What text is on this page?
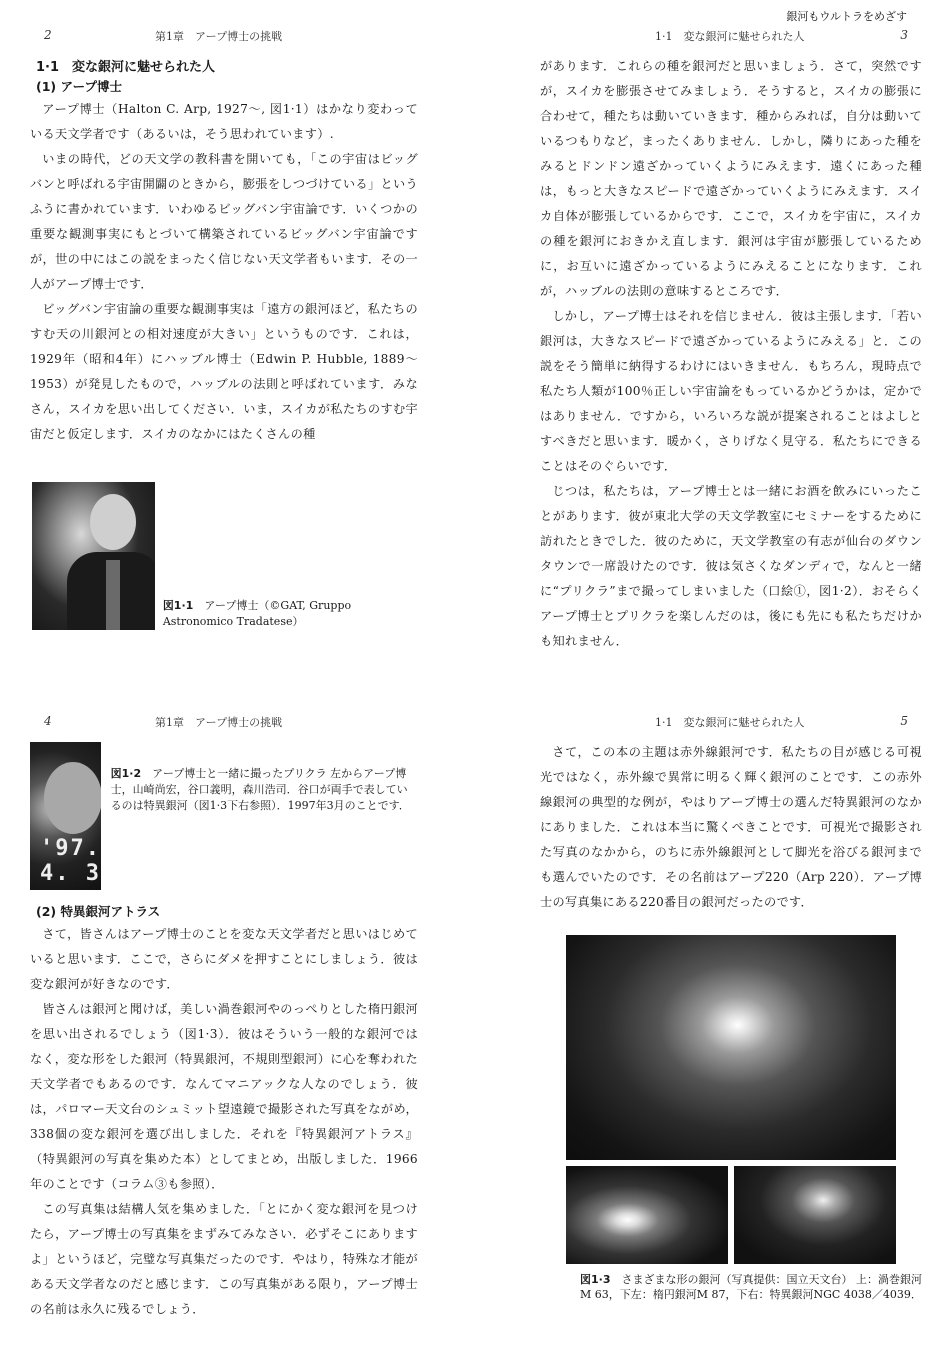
銀河もウルトラをめざす
2	第1章　アープ博士の挑戦
1·1　変な銀河に魅せられた人
(1) アープ博士

アープ博士（Halton C. Arp, 1927〜, 図1·1）はかなり変わっている天文学者です（あるいは，そう思われています）.

いまの時代，どの天文学の教科書を開いても，「この宇宙はビッグバンと呼ばれる宇宙開闢のときから，膨張をしつづけている」というふうに書かれています．いわゆるビッグバン宇宙論です．いくつかの重要な観測事実にもとづいて構築されているビッグバン宇宙論ですが，世の中にはこの説をまったく信じない天文学者もいます．その一人がアープ博士です．

ビッグバン宇宙論の重要な観測事実は「遠方の銀河ほど，私たちのすむ天の川銀河との相対速度が大きい」というものです．これは，1929年（昭和4年）にハッブル博士（Edwin P. Hubble, 1889〜1953）が発見したもので，ハッブルの法則と呼ばれています．みなさん，スイカを思い出してください．いま，スイカが私たちのすむ宇宙だと仮定します．スイカのなかにはたくさんの種

図1·1　 アープ博士（©GAT, Gruppo Astronomico Tradatese）
1·1　変な銀河に魅せられた人	3

があります．これらの種を銀河だと思いましょう．さて，突然ですが，スイカを膨張させてみましょう．そうすると，スイカの膨張に合わせて，種たちは動いていきます．種からみれば，自分は動いているつもりなど，まったくありません．しかし，隣りにあった種をみるとドンドン遠ざかっていくようにみえます．遠くにあった種は，もっと大きなスピードで遠ざかっていくようにみえます．スイカ自体が膨張しているからです．ここで，スイカを宇宙に，スイカの種を銀河におきかえ直します．銀河は宇宙が膨張しているために，お互いに遠ざかっているようにみえることになります．これが，ハッブルの法則の意味するところです．

しかし，アープ博士はそれを信じません．彼は主張します．「若い銀河は，大きなスピードで遠ざかっているようにみえる」と．この説をそう簡単に納得するわけにはいきません．もちろん，現時点で私たち人類が100％正しい宇宙論をもっているかどうかは，定かではありません．ですから，いろいろな説が提案されることはよしとすべきだと思います．暖かく，さりげなく見守る．私たちにできることはそのぐらいです．

じつは，私たちは，アープ博士とは一緒にお酒を飲みにいったことがあります．彼が東北大学の天文学教室にセミナーをするために訪れたときでした．彼のために，天文学教室の有志が仙台のダウンタウンで一席設けたのです．彼は気さくなダンディで，なんと一緒に“プリクラ”まで撮ってしまいました（口絵①，図1·2）．おそらくアープ博士とプリクラを楽しんだのは，後にも先にも私たちだけかも知れません．

4	第1章　アープ博士の挑戦
'97. 4. 3
図1·2　 アープ博士と一緒に撮ったプリクラ 左からアープ博士，山崎尚宏，谷口義明，森川浩司．谷口が両手で表しているのは特異銀河（図1·3下右参照）．1997年3月のことです．
(2) 特異銀河アトラス

さて，皆さんはアープ博士のことを変な天文学者だと思いはじめていると思います．ここで，さらにダメを押すことにしましょう．彼は変な銀河が好きなのです．

皆さんは銀河と聞けば，美しい渦巻銀河やのっぺりとした楕円銀河を思い出されるでしょう（図1·3）．彼はそういう一般的な銀河ではなく，変な形をした銀河（特異銀河，不規則型銀河）に心を奪われた天文学者でもあるのです．なんてマニアックな人なのでしょう．彼は，パロマー天文台のシュミット望遠鏡で撮影された写真をながめ，338個の変な銀河を選び出しました．それを『特異銀河アトラス』（特異銀河の写真を集めた本）としてまとめ，出版しました．1966年のことです（コラム③も参照）．

この写真集は結構人気を集めました．「とにかく変な銀河を見つけたら，アープ博士の写真集をまずみてみなさい．必ずそこにありますよ」というほど，完璧な写真集だったのです．やはり，特殊な才能がある天文学者なのだと感じます．この写真集がある限り，アープ博士の名前は永久に残るでしょう．

1·1　変な銀河に魅せられた人	5

さて，この本の主題は赤外線銀河です．私たちの目が感じる可視光ではなく，赤外線で異常に明るく輝く銀河のことです．この赤外線銀河の典型的な例が，やはりアープ博士の選んだ特異銀河のなかにありました．これは本当に驚くべきことです．可視光で撮影された写真のなかから，のちに赤外線銀河として脚光を浴びる銀河までも選んでいたのです．その名前はアープ220（Arp 220）．アープ博士の写真集にある220番目の銀河だったのです．

図1·3　 さまざまな形の銀河（写真提供：国立天文台） 上：渦巻銀河M 63，下左：楕円銀河M 87，下右：特異銀河NGC 4038／4039．
